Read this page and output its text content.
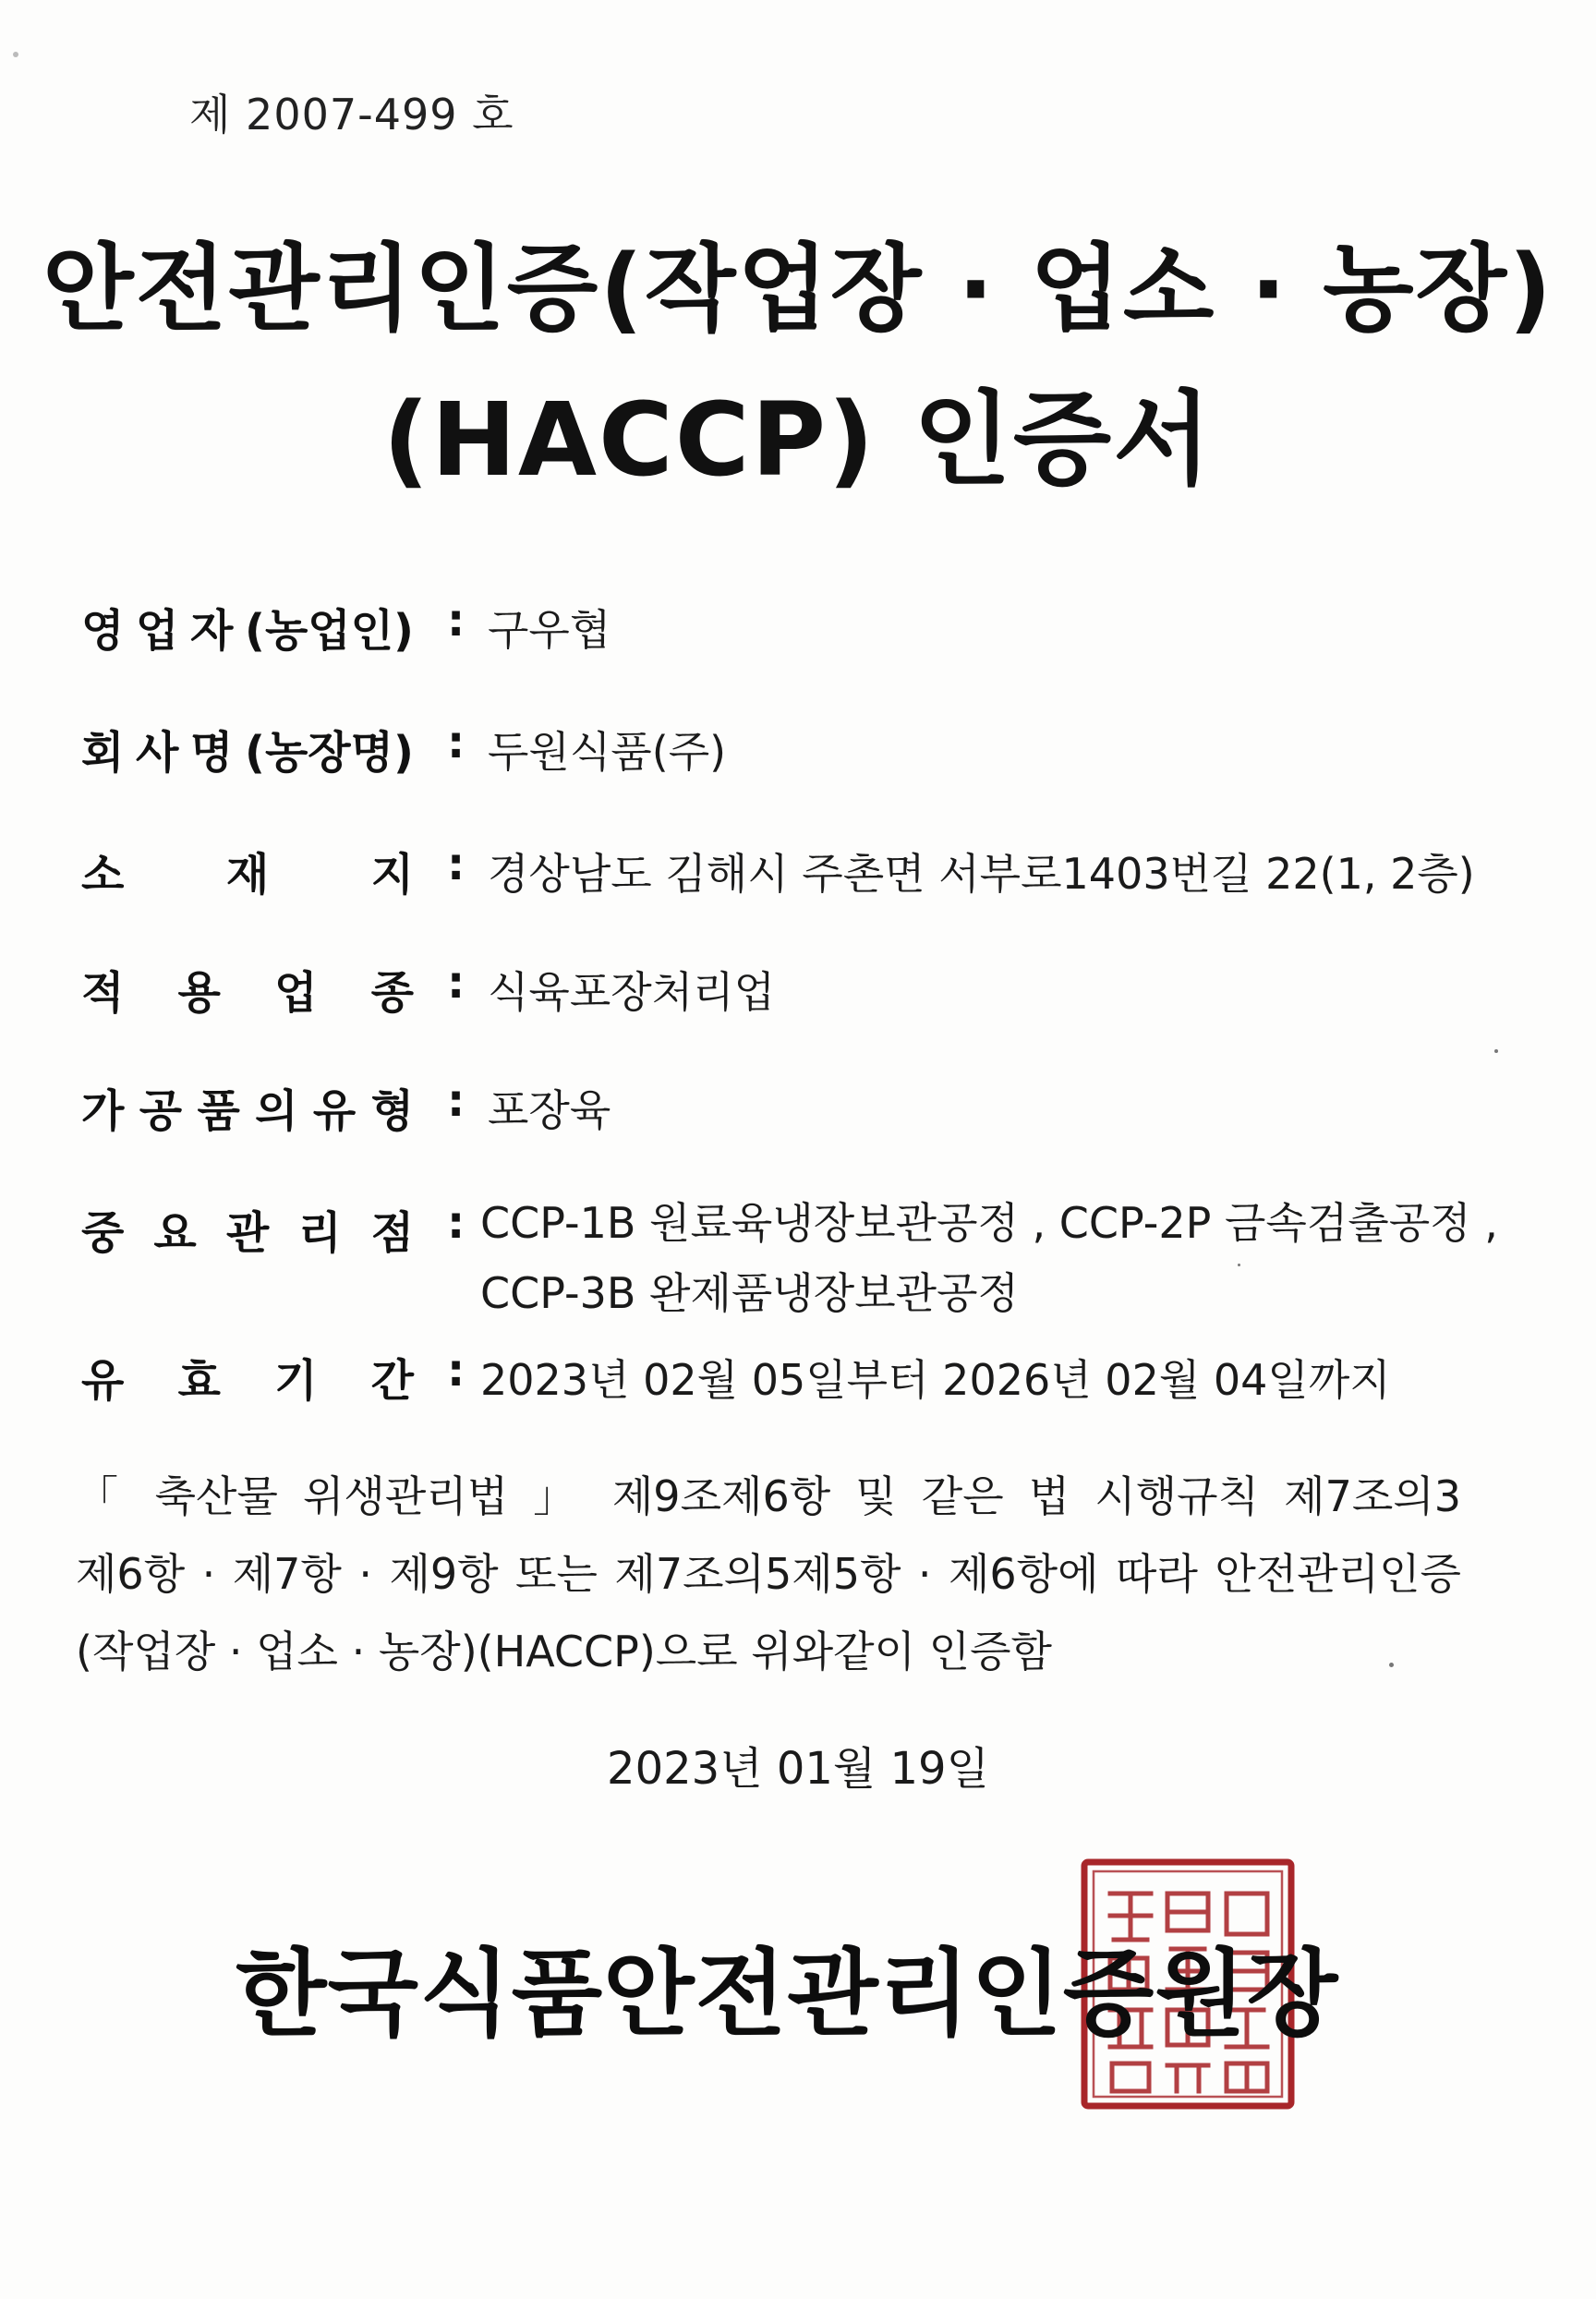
제 2007-499 호
안전관리인증(작업장 · 업소 · 농장)
(HACCP) 인증서
영 업 자 (농업인) : 구우협
회 사 명 (농장명) : 두원식품(주)
소 재 지 : 경상남도 김해시 주촌면 서부로1403번길 22(1, 2층)
적 용 업 종 : 식육포장처리업
가 공 품 의 유 형 : 포장육
중 요 관 리 점 : CCP-1B 원료육냉장보관공정 , CCP-2P 금속검출공정 ,
CCP-3B 완제품냉장보관공정
유 효 기 간 : 2023년 02월 05일부터 2026년 02월 04일까지
「 축산물 위생관리법 」 제9조제6항 및 같은 법 시행규칙 제7조의3
제6항 · 제7항 · 제9항 또는 제7조의5제5항 · 제6항에 따라 안전관리인증
(작업장 · 업소 · 농장)(HACCP)으로 위와같이 인증함
2023년 01월 19일
한국식품안전관리인증원장
